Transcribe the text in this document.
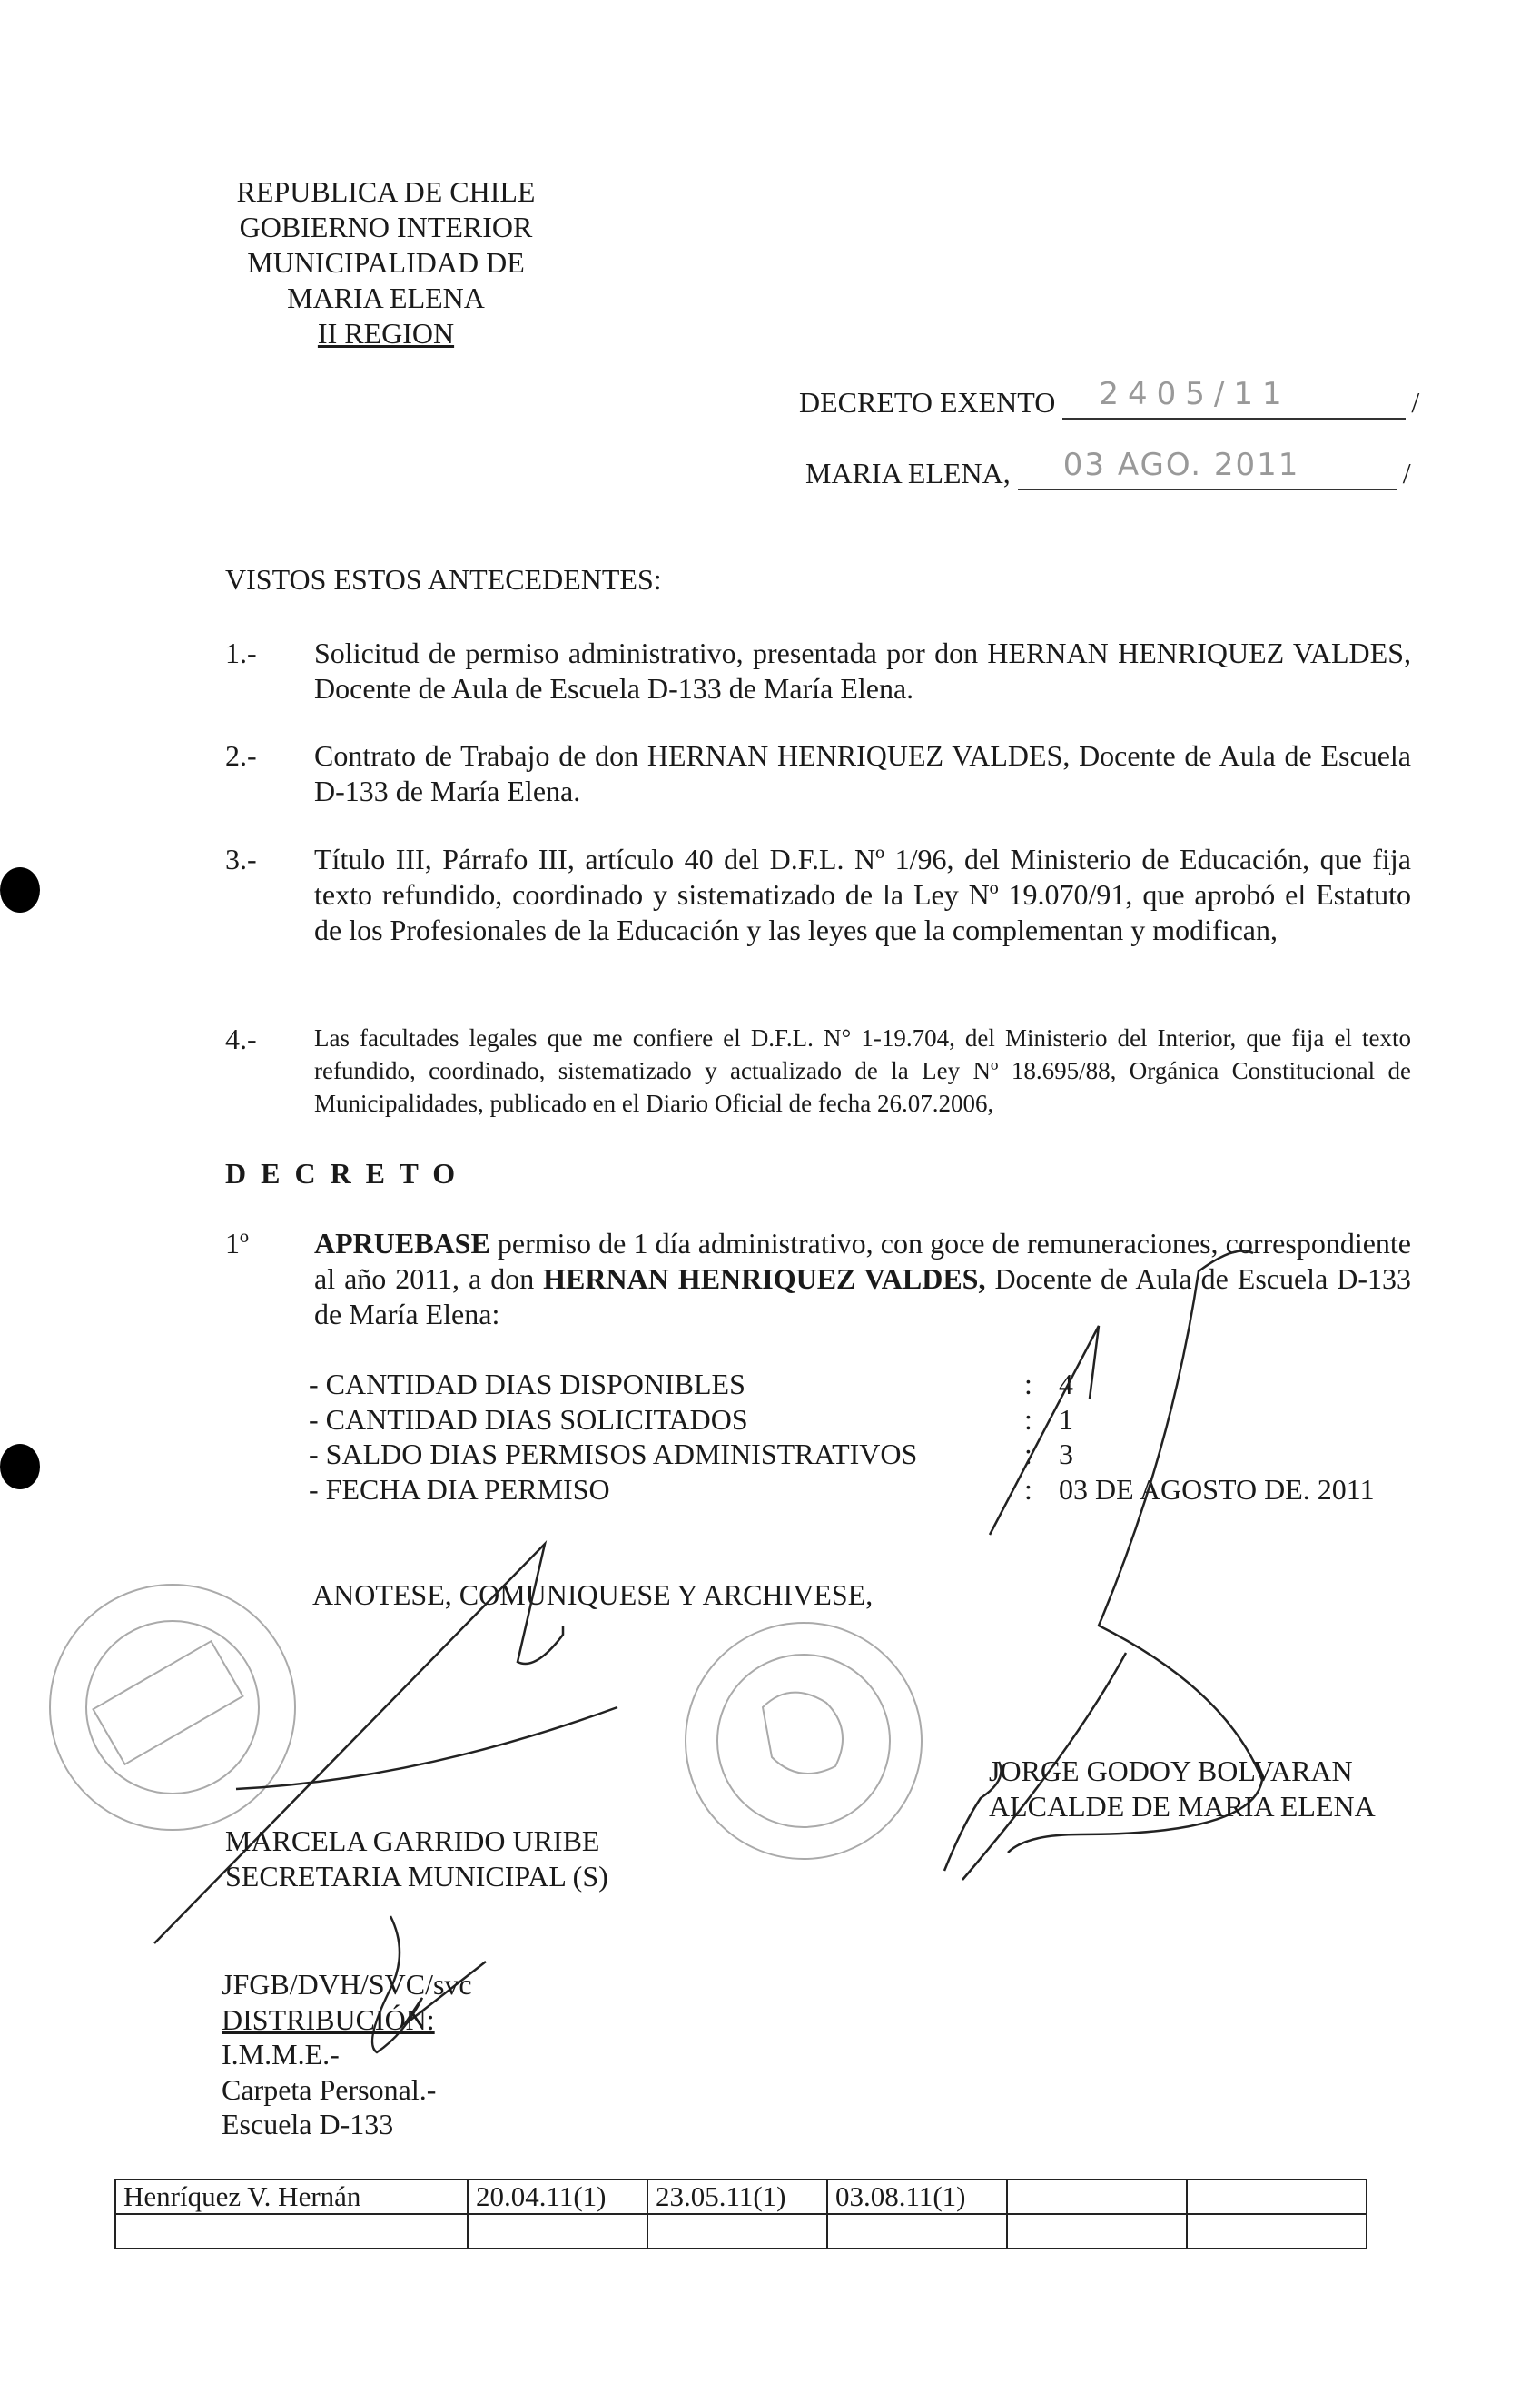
REPUBLICA DE CHILE
GOBIERNO INTERIOR
MUNICIPALIDAD DE
MARIA ELENA
II REGION
DECRETO EXENTO 2405/11	/
MARIA ELENA, 03 AGO. 2011	/
VISTOS ESTOS ANTECEDENTES:
1.- Solicitud de permiso administrativo, presentada por don HERNAN HENRIQUEZ VALDES, Docente de Aula de Escuela D-133 de María Elena.
2.- Contrato de Trabajo de don HERNAN HENRIQUEZ VALDES, Docente de Aula de Escuela D-133 de María Elena.
3.- Título III, Párrafo III, artículo 40 del D.F.L. Nº 1/96, del Ministerio de Educación, que fija texto refundido, coordinado y sistematizado de la Ley Nº 19.070/91, que aprobó el Estatuto de los Profesionales de la Educación y las leyes que la complementan y modifican,
4.- Las facultades legales que me confiere el D.F.L. N° 1-19.704, del Ministerio del Interior, que fija el texto refundido, coordinado, sistematizado y actualizado de la Ley Nº 18.695/88, Orgánica Constitucional de Municipalidades, publicado en el Diario Oficial de fecha 26.07.2006,
D E C R E T O
1º APRUEBASE permiso de 1 día administrativo, con goce de remuneraciones, correspondiente al año 2011, a don HERNAN HENRIQUEZ VALDES, Docente de Aula de Escuela D-133 de María Elena:
- CANTIDAD DIAS DISPONIBLES	: 4
- CANTIDAD DIAS SOLICITADOS	: 1
- SALDO DIAS PERMISOS ADMINISTRATIVOS	: 3
- FECHA DIA PERMISO	: 03 DE AGOSTO DE. 2011
ANOTESE, COMUNIQUESE Y ARCHIVESE,
MARCELA GARRIDO URIBE
SECRETARIA MUNICIPAL (S)
JORGE GODOY BOLVARAN
ALCALDE DE MARIA ELENA
JFGB/DVH/SVC/svc
DISTRIBUCIÓN:
I.M.M.E.-
Carpeta Personal.-
Escuela D-133
Henríquez V. Hernán	20.04.11(1)	23.05.11(1)	03.08.11(1)		
